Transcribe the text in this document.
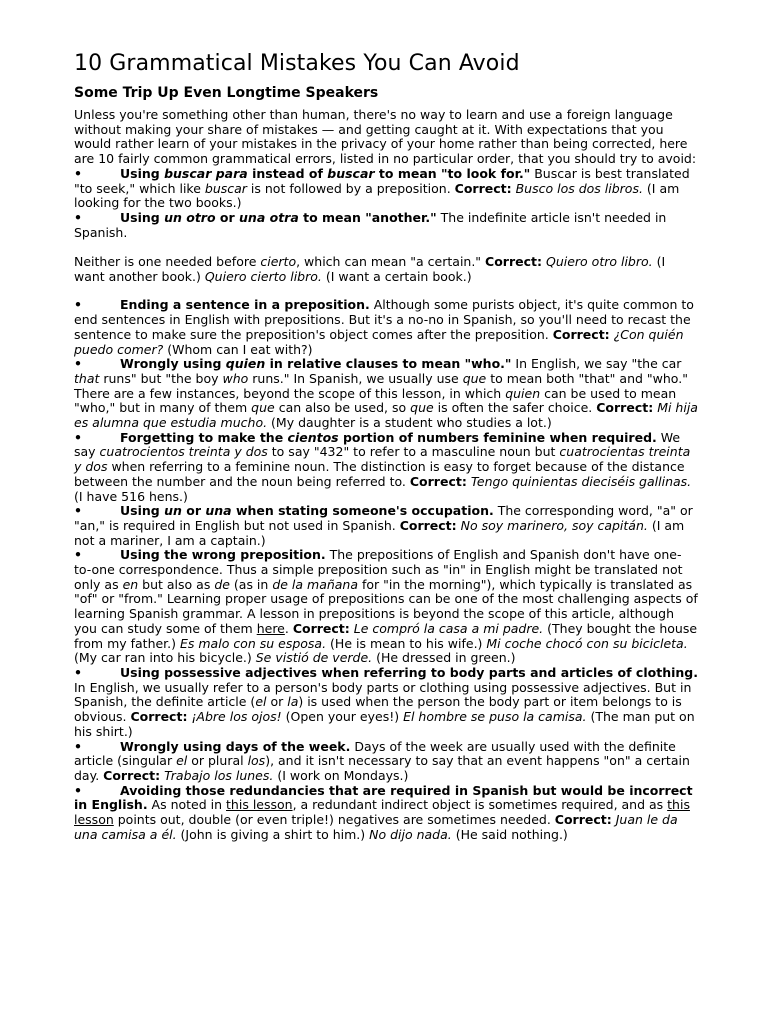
10 Grammatical Mistakes You Can Avoid
Some Trip Up Even Longtime Speakers

Unless you're something other than human, there's no way to learn and use a foreign language without making your share of mistakes — and getting caught at it. With expectations that you would rather learn of your mistakes in the privacy of your home rather than being corrected, here are 10 fairly common grammatical errors, listed in no particular order, that you should try to avoid:

•	Using buscar para instead of buscar to mean "to look for." Buscar is best translated "to seek," which like buscar is not followed by a preposition. Correct: Busco los dos libros. (I am looking for the two books.)

•	Using un otro or una otra to mean "another." The indefinite article isn't needed in Spanish.

Neither is one needed before cierto, which can mean "a certain." Correct: Quiero otro libro. (I want another book.) Quiero cierto libro. (I want a certain book.)

•	Ending a sentence in a preposition. Although some purists object, it's quite common to end sentences in English with prepositions. But it's a no-no in Spanish, so you'll need to recast the sentence to make sure the preposition's object comes after the preposition. Correct: ¿Con quién puedo comer? (Whom can I eat with?)

•	Wrongly using quien in relative clauses to mean "who." In English, we say "the car that runs" but "the boy who runs." In Spanish, we usually use que to mean both "that" and "who." There are a few instances, beyond the scope of this lesson, in which quien can be used to mean "who," but in many of them que can also be used, so que is often the safer choice. Correct: Mi hija es alumna que estudia mucho. (My daughter is a student who studies a lot.)

•	Forgetting to make the cientos portion of numbers feminine when required. We say cuatrocientos treinta y dos to say "432" to refer to a masculine noun but cuatrocientas treinta y dos when referring to a feminine noun. The distinction is easy to forget because of the distance between the number and the noun being referred to. Correct: Tengo quinientas dieciséis gallinas. (I have 516 hens.)

•	Using un or una when stating someone's occupation. The corresponding word, "a" or "an," is required in English but not used in Spanish. Correct: No soy marinero, soy capitán. (I am not a mariner, I am a captain.)

•	Using the wrong preposition. The prepositions of English and Spanish don't have one-to-one correspondence. Thus a simple preposition such as "in" in English might be translated not only as en but also as de (as in de la mañana for "in the morning"), which typically is translated as "of" or "from." Learning proper usage of prepositions can be one of the most challenging aspects of learning Spanish grammar. A lesson in prepositions is beyond the scope of this article, although you can study some of them here. Correct: Le compró la casa a mi padre. (They bought the house from my father.) Es malo con su esposa. (He is mean to his wife.) Mi coche chocó con su bicicleta. (My car ran into his bicycle.) Se vistió de verde. (He dressed in green.)

•	Using possessive adjectives when referring to body parts and articles of clothing. In English, we usually refer to a person's body parts or clothing using possessive adjectives. But in Spanish, the definite article (el or la) is used when the person the body part or item belongs to is obvious. Correct: ¡Abre los ojos! (Open your eyes!) El hombre se puso la camisa. (The man put on his shirt.)

•	Wrongly using days of the week. Days of the week are usually used with the definite article (singular el or plural los), and it isn't necessary to say that an event happens "on" a certain day. Correct: Trabajo los lunes. (I work on Mondays.)

•	Avoiding those redundancies that are required in Spanish but would be incorrect in English. As noted in this lesson, a redundant indirect object is sometimes required, and as this lesson points out, double (or even triple!) negatives are sometimes needed. Correct: Juan le da una camisa a él. (John is giving a shirt to him.) No dijo nada. (He said nothing.)
